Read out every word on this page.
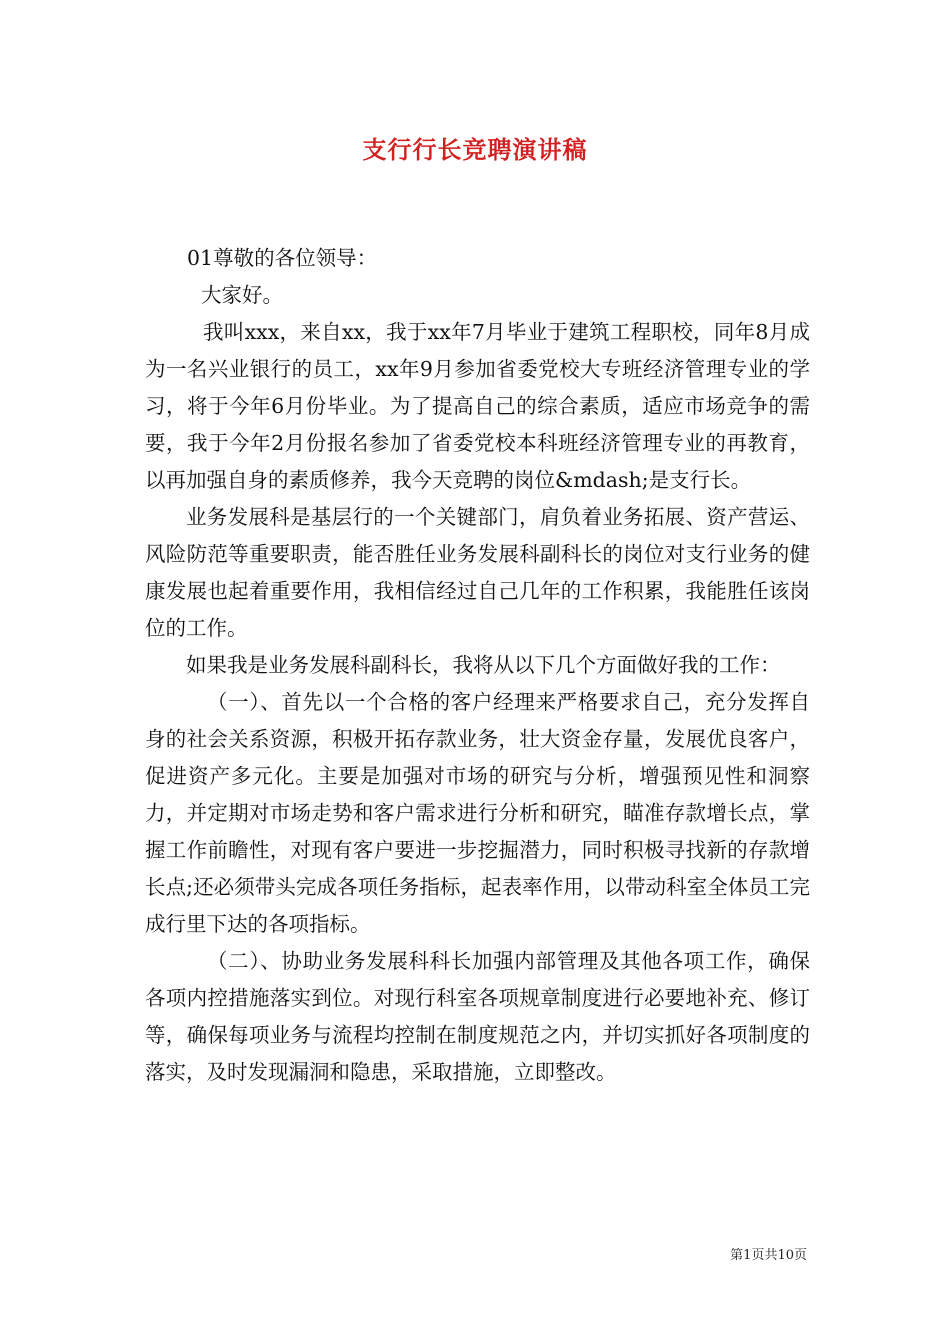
支行行长竞聘演讲稿

01尊敬的各位领导：

大家好。

我叫xxx，来自xx，我于xx年7月毕业于建筑工程职校，同年8月成为一名兴业银行的员工，xx年9月参加省委党校大专班经济管理专业的学习，将于今年6月份毕业。为了提高自己的综合素质，适应市场竞争的需要，我于今年2月份报名参加了省委党校本科班经济管理专业的再教育，以再加强自身的素质修养，我今天竞聘的岗位&mdash;是支行长。

业务发展科是基层行的一个关键部门，肩负着业务拓展、资产营运、风险防范等重要职责，能否胜任业务发展科副科长的岗位对支行业务的健康发展也起着重要作用，我相信经过自己几年的工作积累，我能胜任该岗位的工作。

如果我是业务发展科副科长，我将从以下几个方面做好我的工作：

（一）、首先以一个合格的客户经理来严格要求自己，充分发挥自身的社会关系资源，积极开拓存款业务，壮大资金存量，发展优良客户，促进资产多元化。主要是加强对市场的研究与分析，增强预见性和洞察力，并定期对市场走势和客户需求进行分析和研究，瞄准存款增长点，掌握工作前瞻性，对现有客户要进一步挖掘潜力，同时积极寻找新的存款增长点;还必须带头完成各项任务指标，起表率作用，以带动科室全体员工完成行里下达的各项指标。

（二）、协助业务发展科科长加强内部管理及其他各项工作，确保各项内控措施落实到位。对现行科室各项规章制度进行必要地补充、修订等，确保每项业务与流程均控制在制度规范之内，并切实抓好各项制度的落实，及时发现漏洞和隐患，采取措施，立即整改。

第1页共10页
